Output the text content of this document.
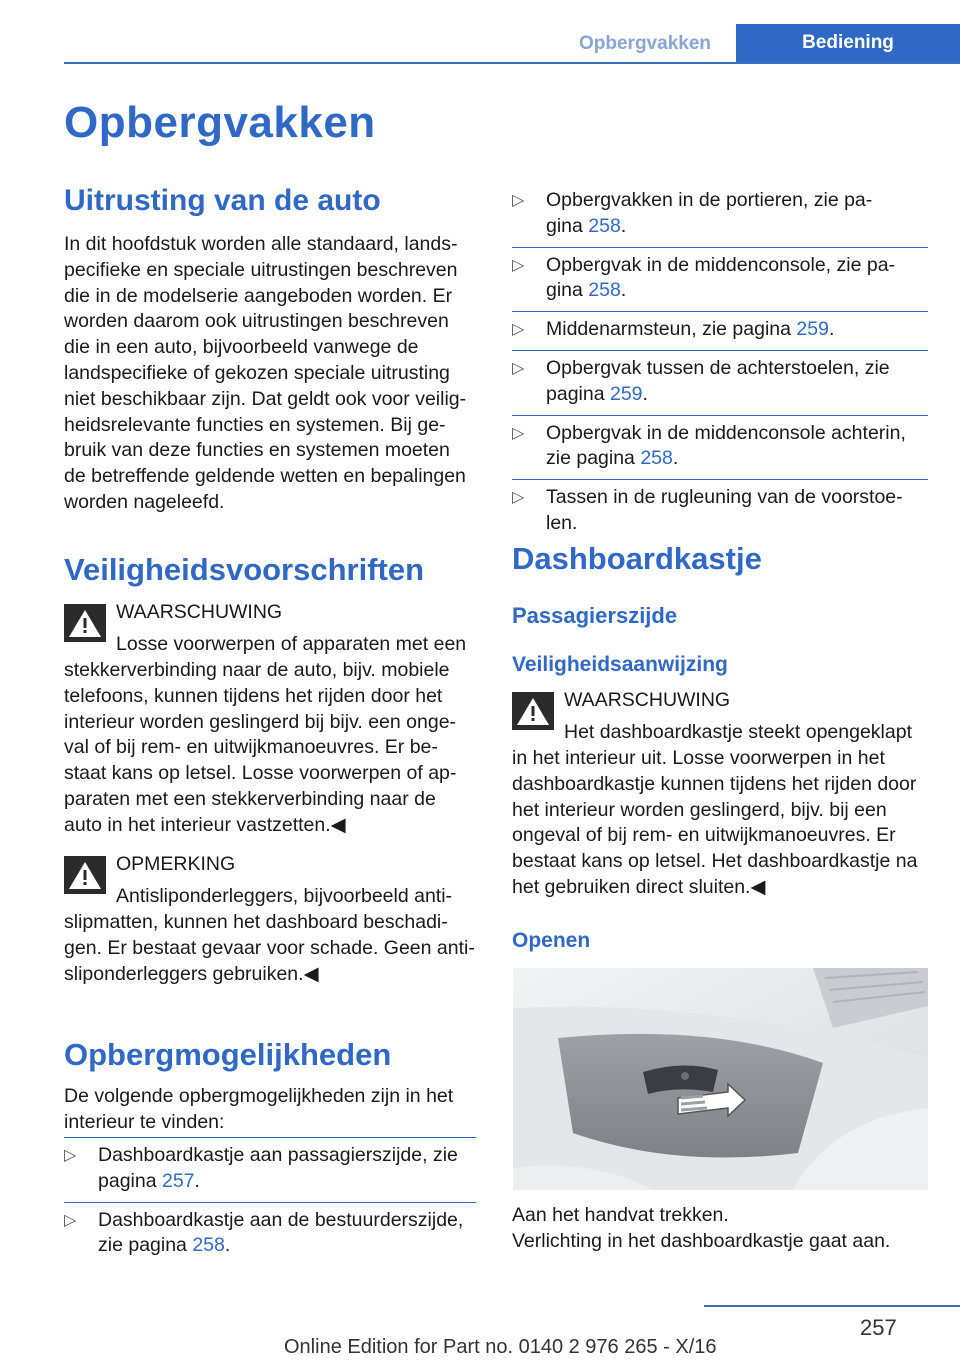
Opbergvakken	Bediening
Opbergvakken
Uitrusting van de auto
In dit hoofdstuk worden alle standaard, lands‐
pecifieke en speciale uitrustingen beschreven
die in de modelserie aangeboden worden. Er
worden daarom ook uitrustingen beschreven
die in een auto, bijvoorbeeld vanwege de
landspecifieke of gekozen speciale uitrusting
niet beschikbaar zijn. Dat geldt ook voor veilig‐
heidsrelevante functies en systemen. Bij ge‐
bruik van deze functies en systemen moeten
de betreffende geldende wetten en bepalingen
worden nageleefd.
Veiligheidsvoorschriften
WAARSCHUWING
Losse voorwerpen of apparaten met een
stekkerverbinding naar de auto, bijv. mobiele
telefoons, kunnen tijdens het rijden door het
interieur worden geslingerd bij bijv. een onge‐
val of bij rem- en uitwijkmanoeuvres. Er be‐
staat kans op letsel. Losse voorwerpen of ap‐
paraten met een stekkerverbinding naar de
auto in het interieur vastzetten.◀
OPMERKING
Antisliponderleggers, bijvoorbeeld anti‐
slipmatten, kunnen het dashboard beschadi‐
gen. Er bestaat gevaar voor schade. Geen anti‐
sliponderleggers gebruiken.◀
Opbergmogelijkheden
De volgende opbergmogelijkheden zijn in het
interieur te vinden:
▷ Dashboardkastje aan passagierszijde, zie
pagina 257.
▷ Dashboardkastje aan de bestuurderszijde,
zie pagina 258.
▷ Opbergvakken in de portieren, zie pa‐
gina 258.
▷ Opbergvak in de middenconsole, zie pa‐
gina 258.
▷ Middenarmsteun, zie pagina 259.
▷ Opbergvak tussen de achterstoelen, zie
pagina 259.
▷ Opbergvak in de middenconsole achterin,
zie pagina 258.
▷ Tassen in de rugleuning van de voorstoe‐
len.
Dashboardkastje
Passagierszijde
Veiligheidsaanwijzing
WAARSCHUWING
Het dashboardkastje steekt opengeklapt
in het interieur uit. Losse voorwerpen in het
dashboardkastje kunnen tijdens het rijden door
het interieur worden geslingerd, bijv. bij een
ongeval of bij rem- en uitwijkmanoeuvres. Er
bestaat kans op letsel. Het dashboardkastje na
het gebruiken direct sluiten.◀
Openen
Aan het handvat trekken.
Verlichting in het dashboardkastje gaat aan.
257
Online Edition for Part no. 0140 2 976 265 - X/16
